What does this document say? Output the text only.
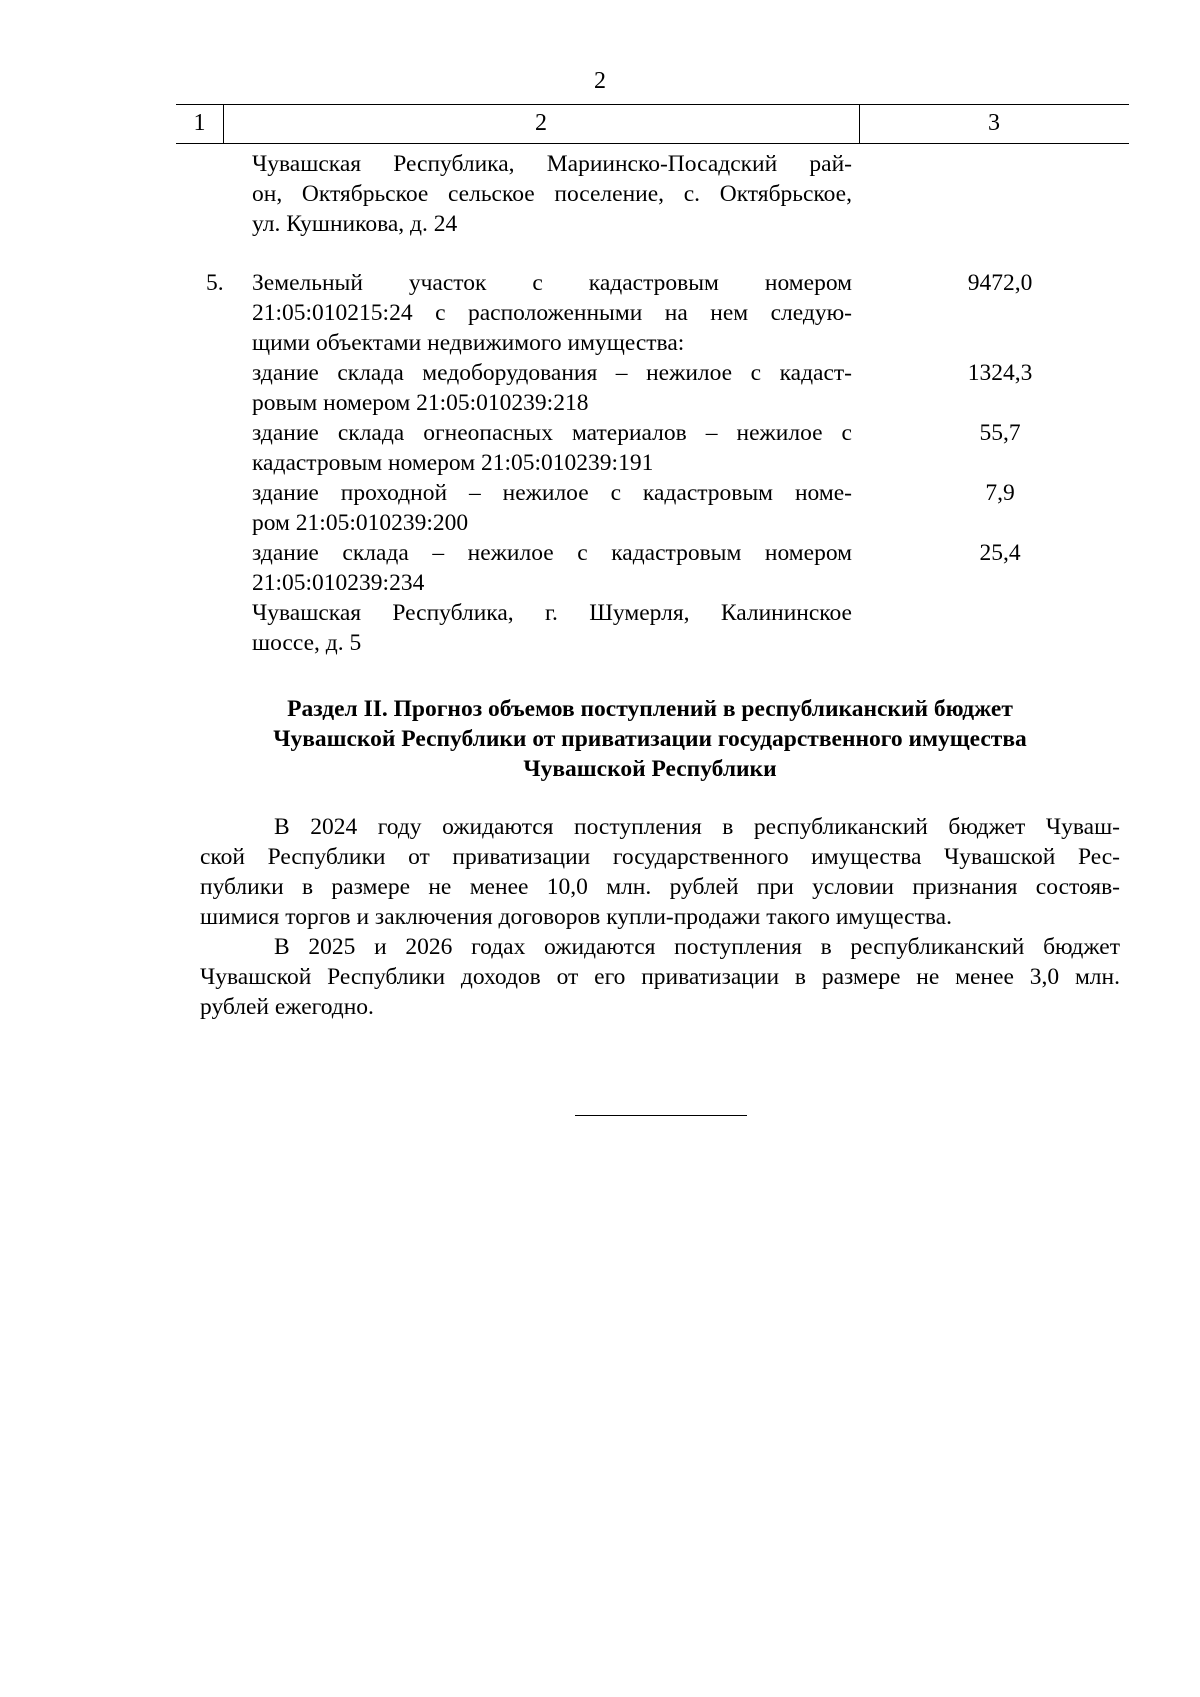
2
1	2	3
Чувашская Республика, Мариинско-Посадский рай-
он, Октябрьское сельское поселение, с. Октябрьское,
ул. Кушникова, д. 24
5. Земельный участок с кадастровым номером
21:05:010215:24 с расположенными на нем следую-
щими объектами недвижимого имущества:
9472,0
здание склада медоборудования – нежилое с кадаст-
ровым номером 21:05:010239:218
1324,3
здание склада огнеопасных материалов – нежилое с
кадастровым номером 21:05:010239:191
55,7
здание проходной – нежилое с кадастровым номе-
ром 21:05:010239:200
7,9
здание склада – нежилое с кадастровым номером
21:05:010239:234
25,4
Чувашская Республика, г. Шумерля, Калининское
шоссе, д. 5
Раздел II. Прогноз объемов поступлений в республиканский бюджет
Чувашской Республики от приватизации государственного имущества
Чувашской Республики
В 2024 году ожидаются поступления в республиканский бюджет Чуваш-
ской Республики от приватизации государственного имущества Чувашской Рес-
публики в размере не менее 10,0 млн. рублей при условии признания состояв-
шимися торгов и заключения договоров купли-продажи такого имущества.
В 2025 и 2026 годах ожидаются поступления в республиканский бюджет
Чувашской Республики доходов от его приватизации в размере не менее 3,0 млн.
рублей ежегодно.
